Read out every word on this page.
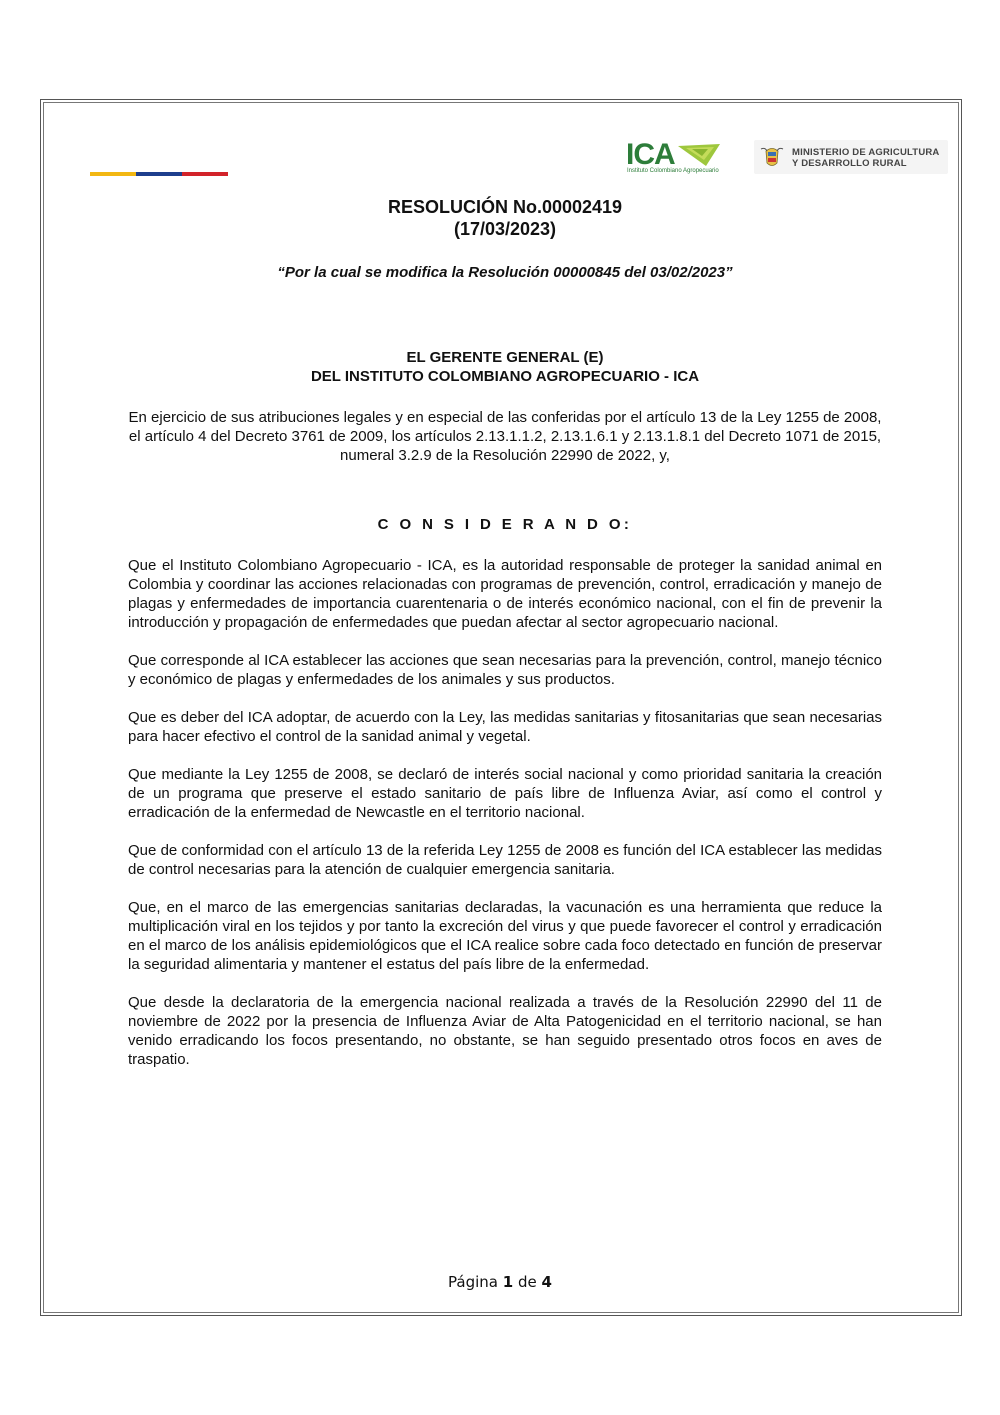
ICA
Instituto Colombiano Agropecuario
MINISTERIO DE AGRICULTURA
Y DESARROLLO RURAL
RESOLUCIÓN No.00002419
(17/03/2023)
“Por la cual se modifica la Resolución 00000845 del 03/02/2023”
EL GERENTE GENERAL (E)
DEL INSTITUTO COLOMBIANO AGROPECUARIO - ICA
En ejercicio de sus atribuciones legales y en especial de las conferidas por el artículo 13 de la Ley 1255 de 2008, el artículo 4 del Decreto 3761 de 2009, los artículos 2.13.1.1.2, 2.13.1.6.1 y 2.13.1.8.1 del Decreto 1071 de 2015, numeral 3.2.9 de la Resolución 22990 de 2022, y,
C O N S I D E R A N D O:

Que el Instituto Colombiano Agropecuario - ICA, es la autoridad responsable de proteger la sanidad animal en Colombia y coordinar las acciones relacionadas con programas de prevención, control, erradicación y manejo de plagas y enfermedades de importancia cuarentenaria o de interés económico nacional, con el fin de prevenir la introducción y propagación de enfermedades que puedan afectar al sector agropecuario nacional.

Que corresponde al ICA establecer las acciones que sean necesarias para la prevención, control, manejo técnico y económico de plagas y enfermedades de los animales y sus productos.

Que es deber del ICA adoptar, de acuerdo con la Ley, las medidas sanitarias y fitosanitarias que sean necesarias para hacer efectivo el control de la sanidad animal y vegetal.

Que mediante la Ley 1255 de 2008, se declaró de interés social nacional y como prioridad sanitaria la creación de un programa que preserve el estado sanitario de país libre de Influenza Aviar, así como el control y erradicación de la enfermedad de Newcastle en el territorio nacional.

Que de conformidad con el artículo 13 de la referida Ley 1255 de 2008 es función del ICA establecer las medidas de control necesarias para la atención de cualquier emergencia sanitaria.

Que, en el marco de las emergencias sanitarias declaradas, la vacunación es una herramienta que reduce la multiplicación viral en los tejidos y por tanto la excreción del virus y que puede favorecer el control y erradicación en el marco de los análisis epidemiológicos que el ICA realice sobre cada foco detectado en función de preservar la seguridad alimentaria y mantener el estatus del país libre de la enfermedad.

Que desde la declaratoria de la emergencia nacional realizada a través de la Resolución 22990 del 11 de noviembre de 2022 por la presencia de Influenza Aviar de Alta Patogenicidad en el territorio nacional, se han venido erradicando los focos presentando, no obstante, se han seguido presentado otros focos en aves de traspatio.

Página 1 de 4
